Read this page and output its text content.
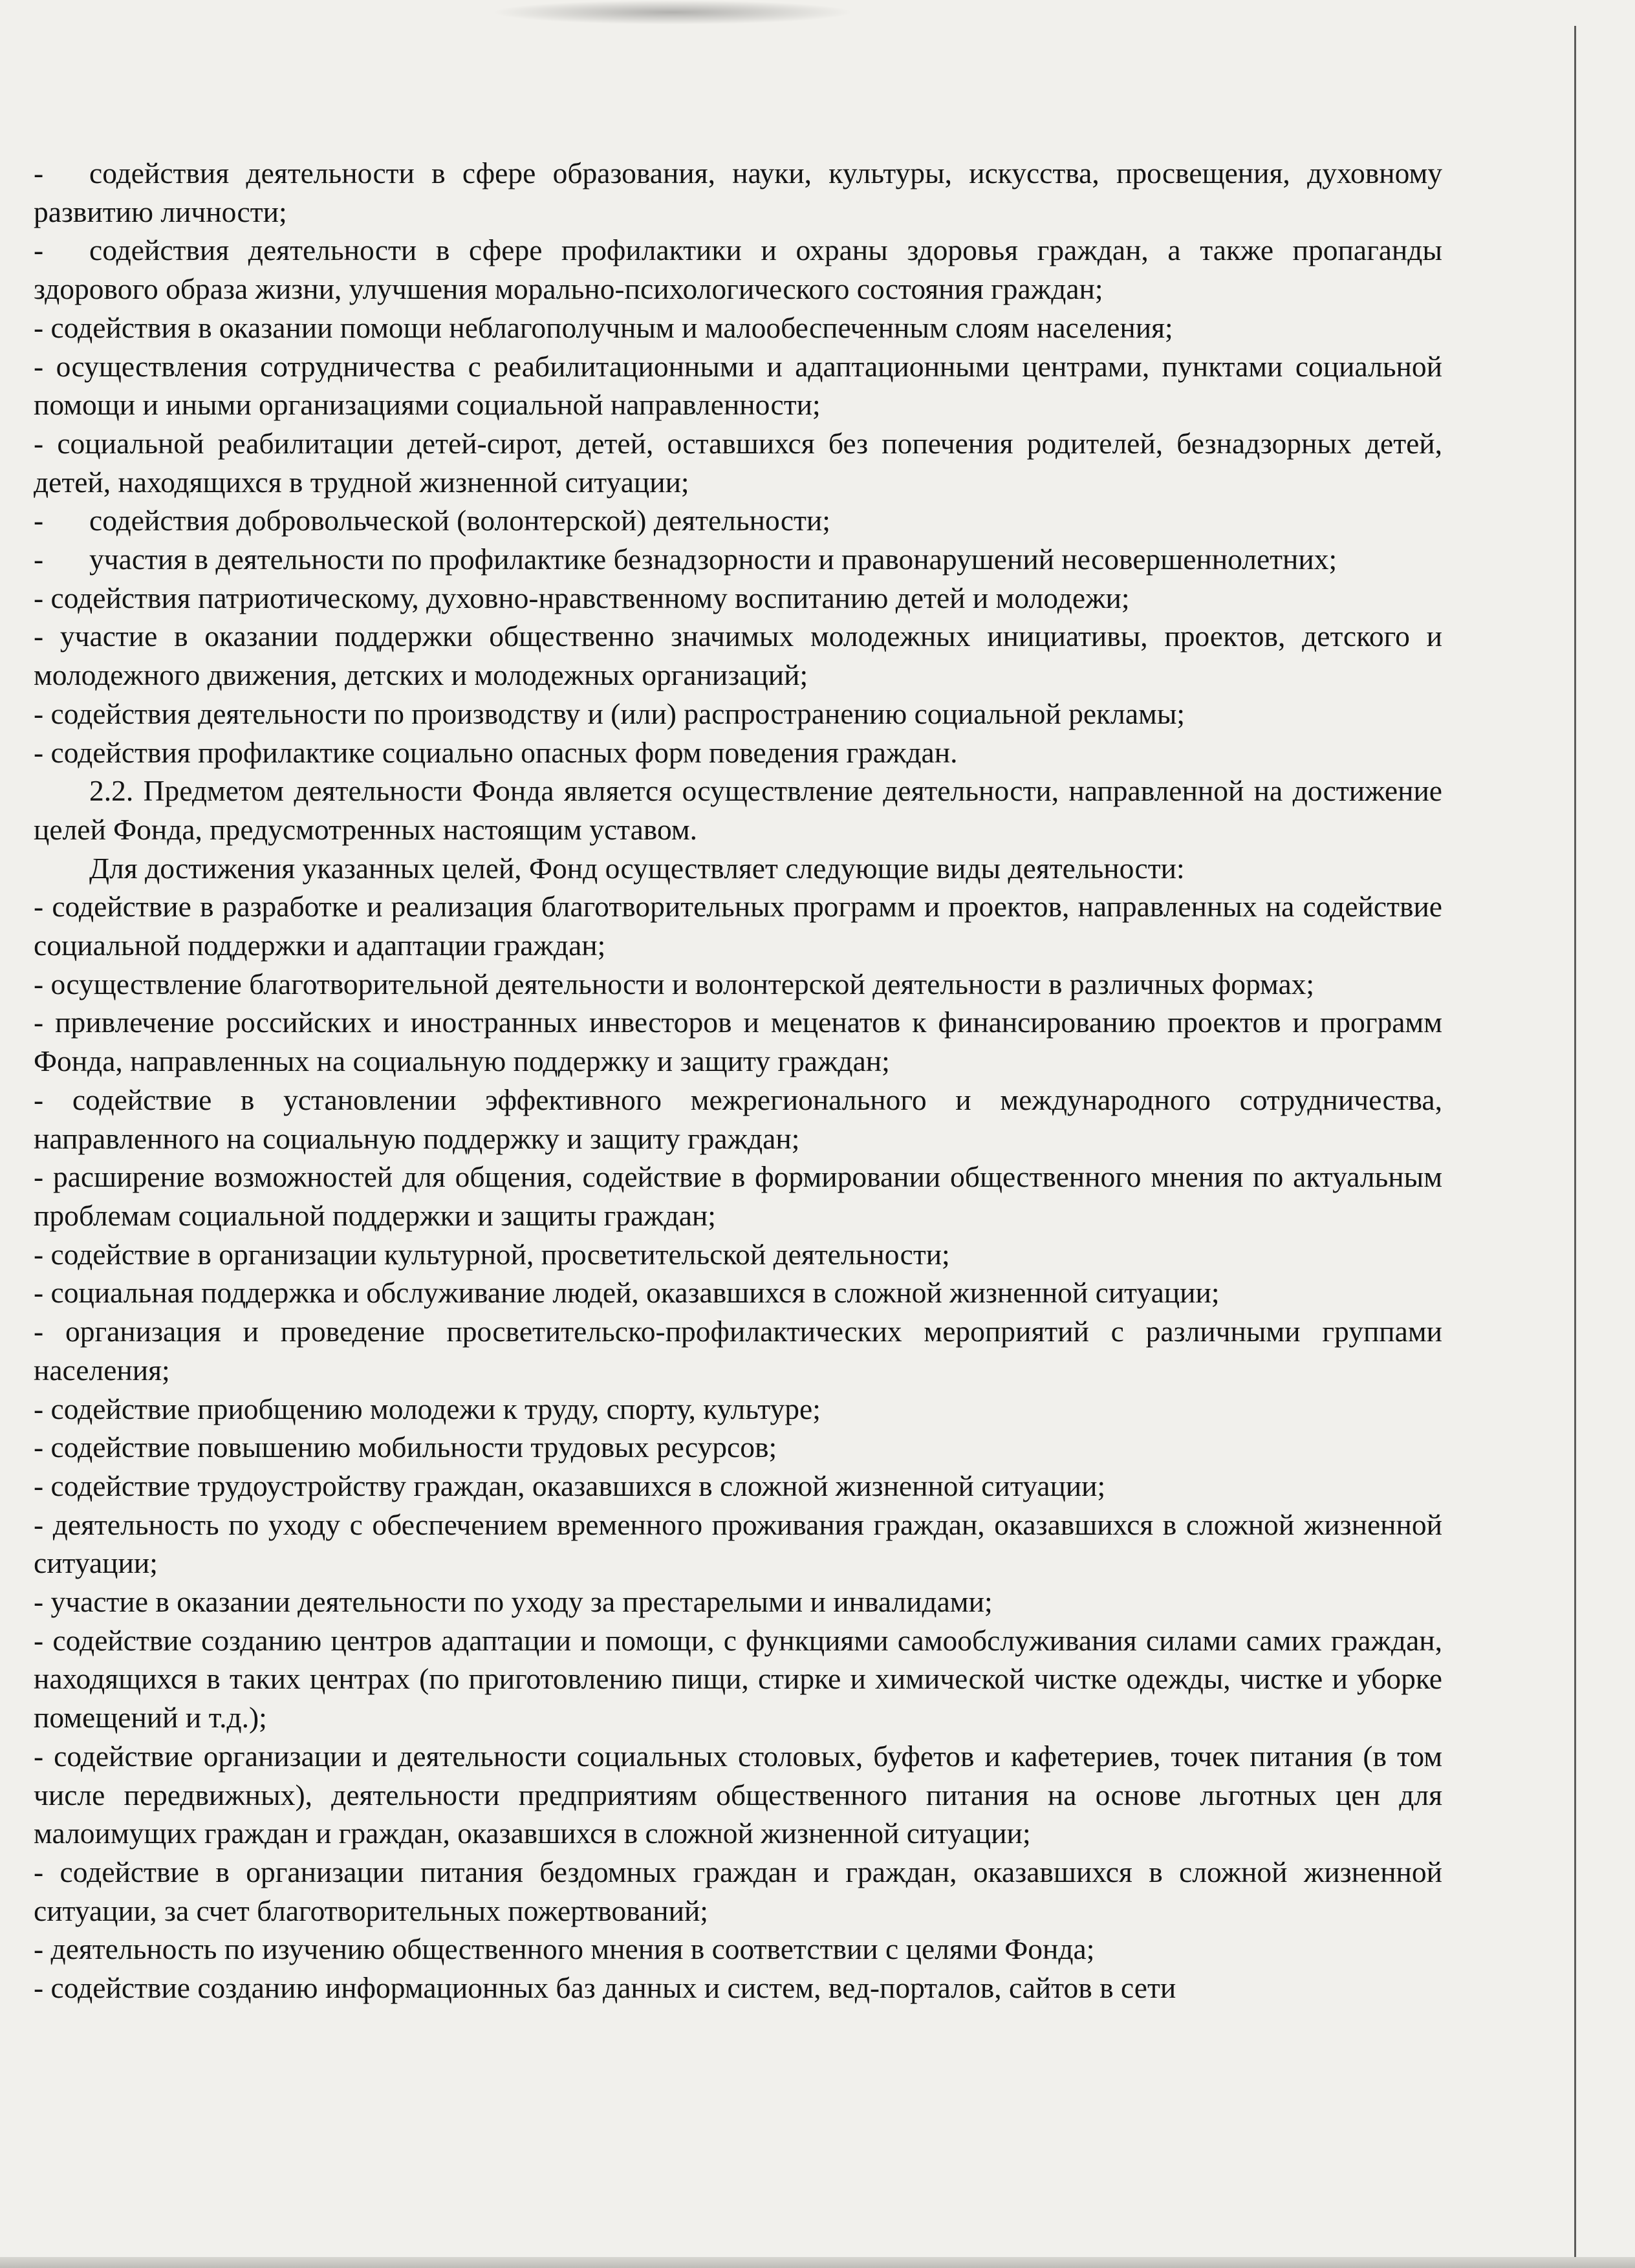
- содействия деятельности в сфере образования, науки, культуры, искусства, просвещения, духовному развитию личности;

- содействия деятельности в сфере профилактики и охраны здоровья граждан, а также пропаганды здорового образа жизни, улучшения морально-психологического состояния граждан;

- содействия в оказании помощи неблагополучным и малообеспеченным слоям населения;

- осуществления сотрудничества с реабилитационными и адаптационными центрами, пунктами социальной помощи и иными организациями социальной направленности;

- социальной реабилитации детей-сирот, детей, оставшихся без попечения родителей, безнадзорных детей, детей, находящихся в трудной жизненной ситуации;

- содействия добровольческой (волонтерской) деятельности;

- участия в деятельности по профилактике безнадзорности и правонарушений несовершеннолетних;

- содействия патриотическому, духовно-нравственному воспитанию детей и молодежи;

- участие в оказании поддержки общественно значимых молодежных инициативы, проектов, детского и молодежного движения, детских и молодежных организаций;

- содействия деятельности по производству и (или) распространению социальной рекламы;

- содействия профилактике социально опасных форм поведения граждан.

2.2. Предметом деятельности Фонда является осуществление деятельности, направленной на достижение целей Фонда, предусмотренных настоящим уставом.

Для достижения указанных целей, Фонд осуществляет следующие виды деятельности:

- содействие в разработке и реализация благотворительных программ и проектов, направленных на содействие социальной поддержки и адаптации граждан;

- осуществление благотворительной деятельности и волонтерской деятельности в различных формах;

- привлечение российских и иностранных инвесторов и меценатов к финансированию проектов и программ Фонда, направленных на социальную поддержку и защиту граждан;

- содействие в установлении эффективного межрегионального и международного сотрудничества, направленного на социальную поддержку и защиту граждан;

- расширение возможностей для общения, содействие в формировании общественного мнения по актуальным проблемам социальной поддержки и защиты граждан;

- содействие в организации культурной, просветительской деятельности;

- социальная поддержка и обслуживание людей, оказавшихся в сложной жизненной ситуации;

- организация и проведение просветительско-профилактических мероприятий с различными группами населения;

- содействие приобщению молодежи к труду, спорту, культуре;

- содействие повышению мобильности трудовых ресурсов;

- содействие трудоустройству граждан, оказавшихся в сложной жизненной ситуации;

- деятельность по уходу с обеспечением временного проживания граждан, оказавшихся в сложной жизненной ситуации;

- участие в оказании деятельности по уходу за престарелыми и инвалидами;

- содействие созданию центров адаптации и помощи, с функциями самообслуживания силами самих граждан, находящихся в таких центрах (по приготовлению пищи, стирке и химической чистке одежды, чистке и уборке помещений и т.д.);

- содействие организации и деятельности социальных столовых, буфетов и кафетериев, точек питания (в том числе передвижных), деятельности предприятиям общественного питания на основе льготных цен для малоимущих граждан и граждан, оказавшихся в сложной жизненной ситуации;

- содействие в организации питания бездомных граждан и граждан, оказавшихся в сложной жизненной ситуации, за счет благотворительных пожертвований;

- деятельность по изучению общественного мнения в соответствии с целями Фонда;

- содействие созданию информационных баз данных и систем, вед-порталов, сайтов в сети
